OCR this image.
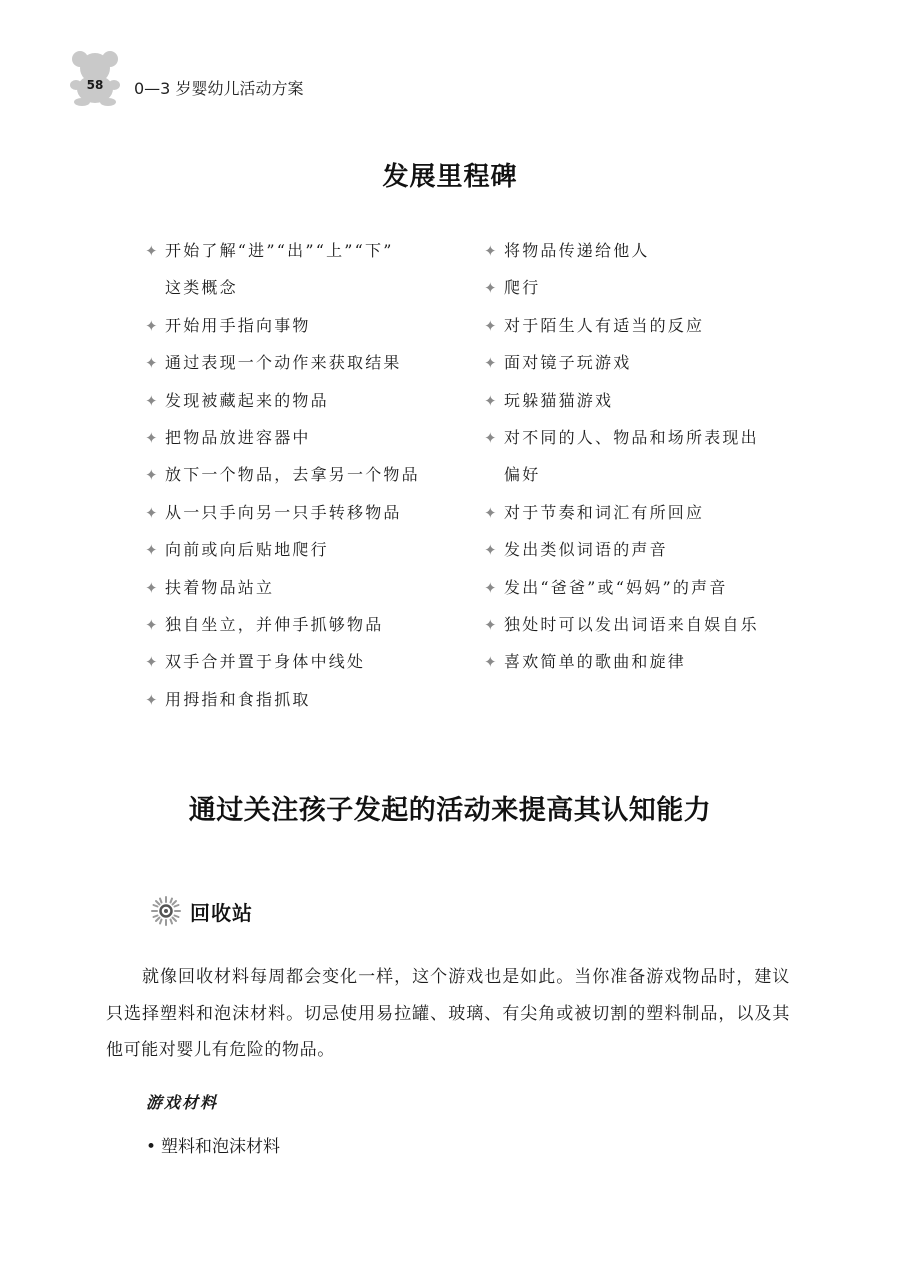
58	0—3 岁婴幼儿活动方案
发展里程碑
✦ 开始了解“进”“出”“上”“下”
这类概念
✦ 开始用手指向事物
✦ 通过表现一个动作来获取结果
✦ 发现被藏起来的物品
✦ 把物品放进容器中
✦ 放下一个物品，去拿另一个物品
✦ 从一只手向另一只手转移物品
✦ 向前或向后贴地爬行
✦ 扶着物品站立
✦ 独自坐立，并伸手抓够物品
✦ 双手合并置于身体中线处
✦ 用拇指和食指抓取
✦ 将物品传递给他人
✦ 爬行
✦ 对于陌生人有适当的反应
✦ 面对镜子玩游戏
✦ 玩躲猫猫游戏
✦ 对不同的人、物品和场所表现出
偏好
✦ 对于节奏和词汇有所回应
✦ 发出类似词语的声音
✦ 发出“爸爸”或“妈妈”的声音
✦ 独处时可以发出词语来自娱自乐
✦ 喜欢简单的歌曲和旋律
通过关注孩子发起的活动来提高其认知能力
回收站

就像回收材料每周都会变化一样，这个游戏也是如此。当你准备游戏物品时，建议只选择塑料和泡沫材料。切忌使用易拉罐、玻璃、有尖角或被切割的塑料制品，以及其他可能对婴儿有危险的物品。

游戏材料
• 塑料和泡沫材料
